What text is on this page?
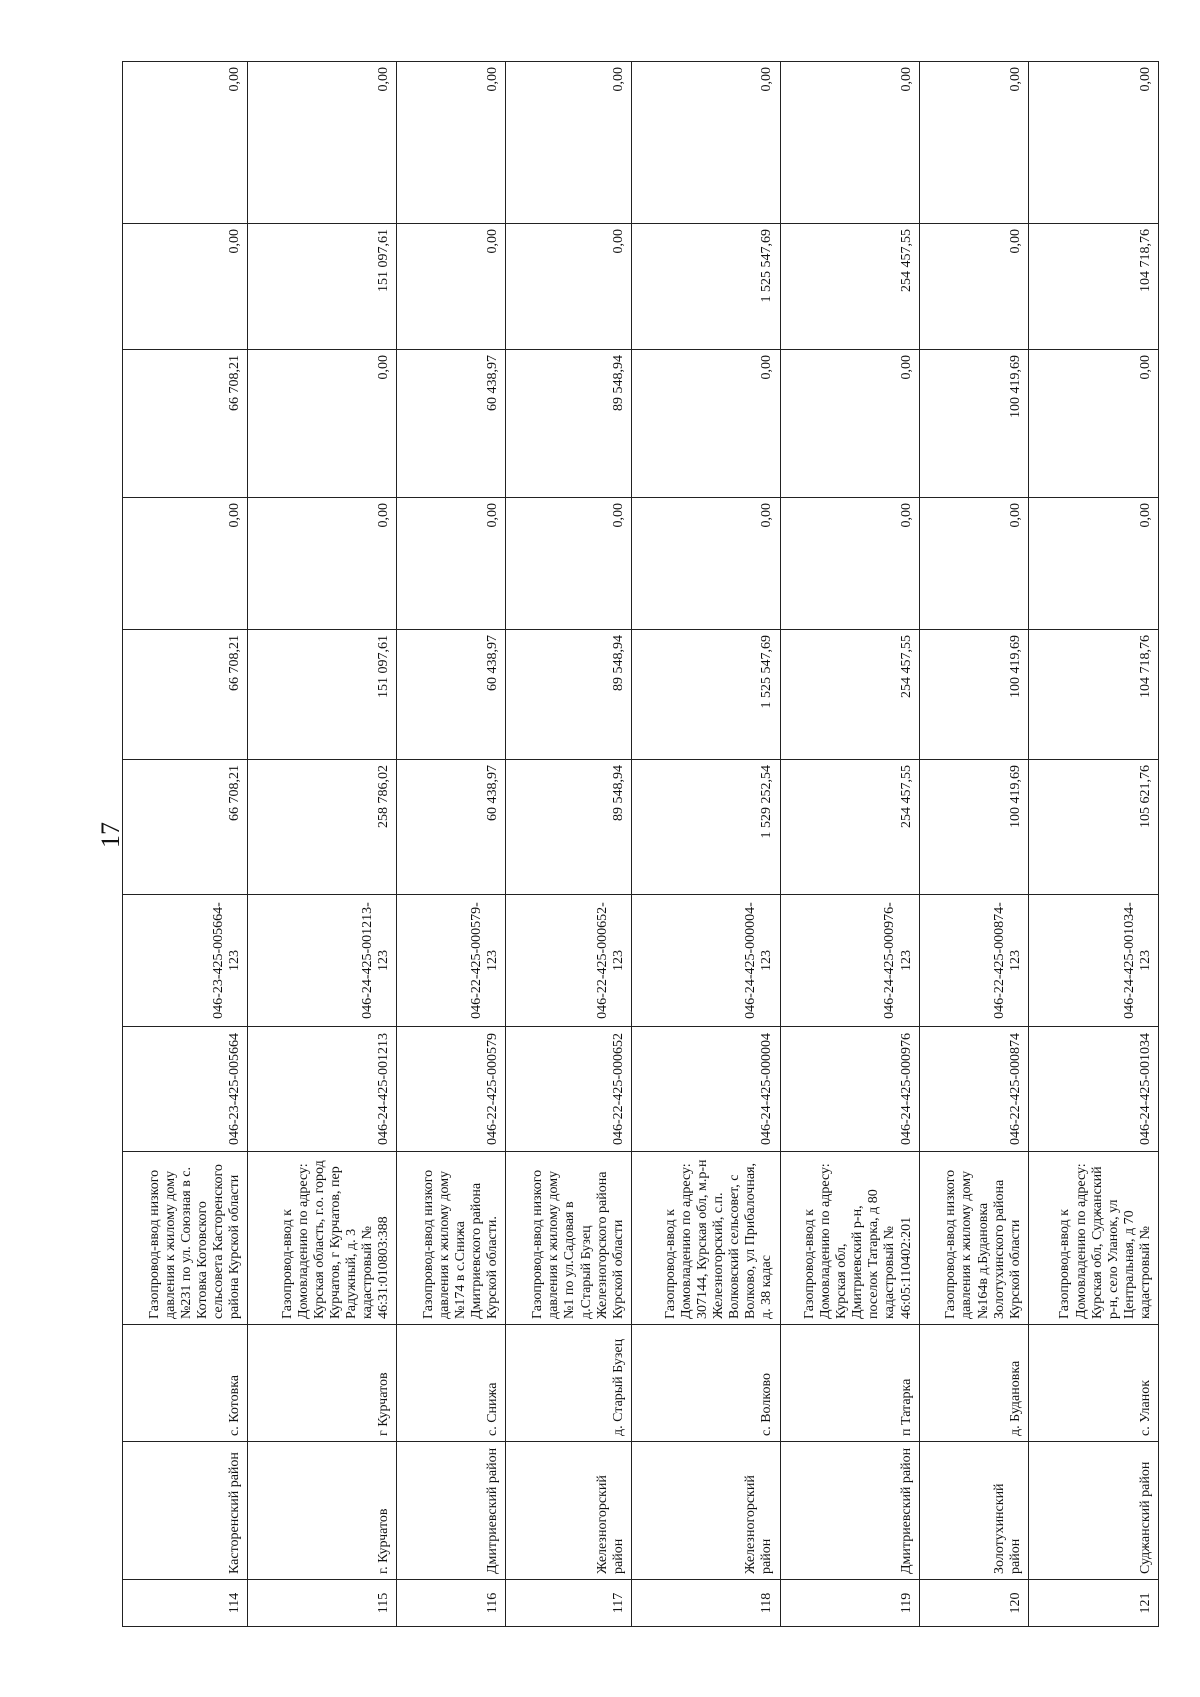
17
114	Касторенский район	с. Котовка	Газопровод-ввод низкого давления к жилому дому №231 по ул. Союзная в с. Котовка Котовского сельсовета Касторенского района Курской области	046-23-425-005664	046-23-425-005664-123	66 708,21	66 708,21	0,00	66 708,21	0,00	0,00
115	г. Курчатов	г Курчатов	Газопровод-ввод к Домовладению по адресу: Курская область, г.о. город Курчатов, г Курчатов, пер Радужный, д. 3 кадастровый № 46:31:010803:388	046-24-425-001213	046-24-425-001213-123	258 786,02	151 097,61	0,00	0,00	151 097,61	0,00
116	Дмитриевский район	с. Снижа	Газопровод-ввод низкого давления к жилому дому №174 в с.Снижа Дмитриевского района Курской области.	046-22-425-000579	046-22-425-000579-123	60 438,97	60 438,97	0,00	60 438,97	0,00	0,00
117	Железногорский район	д. Старый Бузец	Газопровод-ввод низкого давления к жилому дому №1 по ул.Садовая в д.Старый Бузец Железногорского района Курской области	046-22-425-000652	046-22-425-000652-123	89 548,94	89 548,94	0,00	89 548,94	0,00	0,00
118	Железногорский район	с. Волково	Газопровод-ввод к Домовладению по адресу: 307144, Курская обл, м.р-н Железногорский, с.п. Волковский сельсовет, с Волково, ул Прибалочная, д. 38 кадас	046-24-425-000004	046-24-425-000004-123	1 529 252,54	1 525 547,69	0,00	0,00	1 525 547,69	0,00
119	Дмитриевский район	п Татарка	Газопровод-ввод к Домовладению по адресу: Курская обл, Дмитриевский р-н, поселок Татарка, д 80 кадастровый № 46:05:110402:201	046-24-425-000976	046-24-425-000976-123	254 457,55	254 457,55	0,00	0,00	254 457,55	0,00
120	Золотухинский район	д. Будановка	Газопровод-ввод низкого давления к жилому дому №164в д.Будановка Золотухинского района Курской области	046-22-425-000874	046-22-425-000874-123	100 419,69	100 419,69	0,00	100 419,69	0,00	0,00
121	Суджанский район	с. Уланок	Газопровод-ввод к Домовладению по адресу: Курская обл, Суджанский р-н, село Уланок, ул Центральная, д 70 кадастровый №	046-24-425-001034	046-24-425-001034-123	105 621,76	104 718,76	0,00	0,00	104 718,76	0,00
